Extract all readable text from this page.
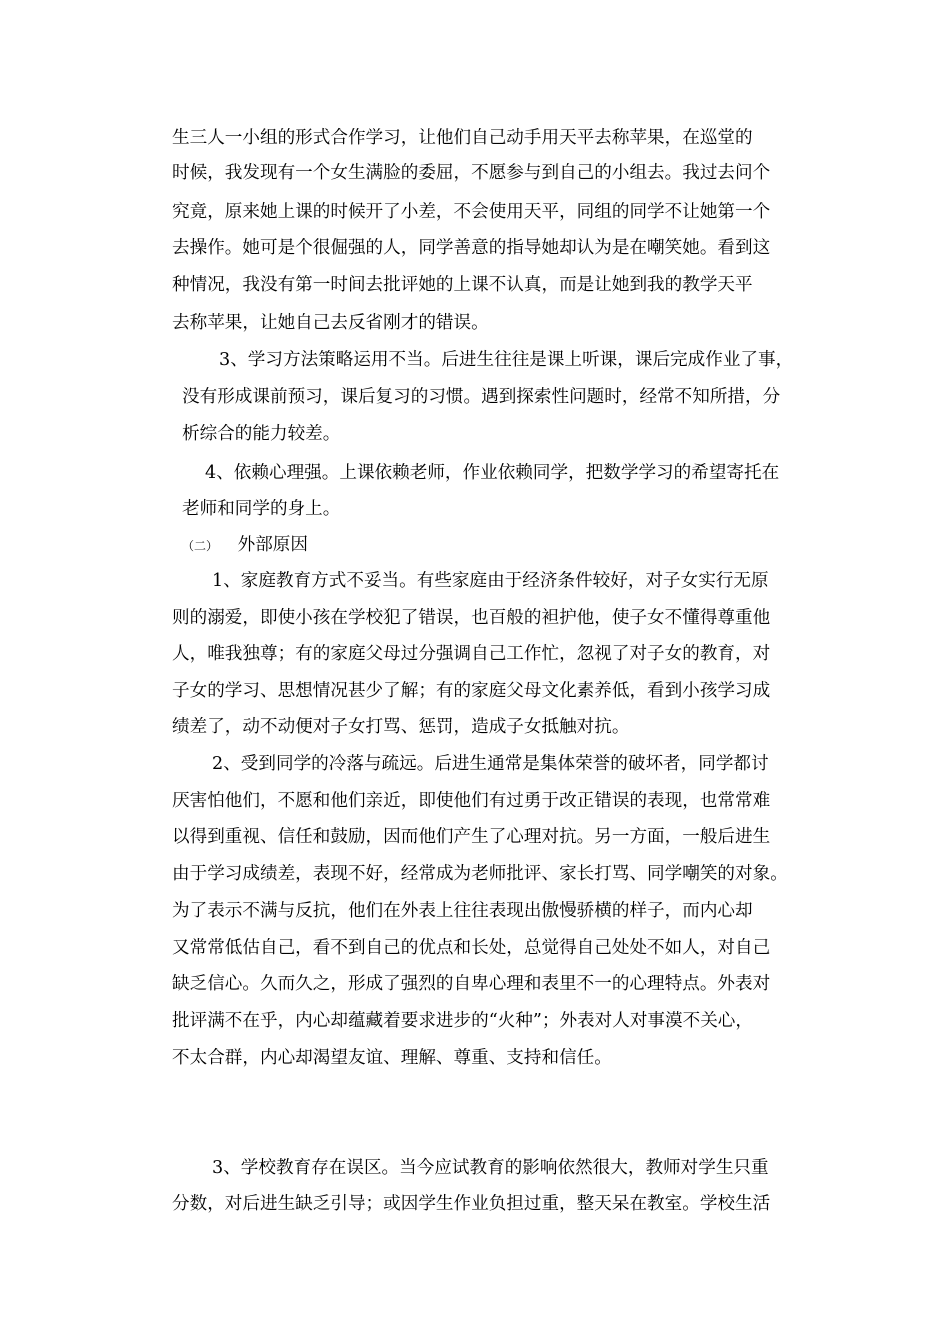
生三人一小组的形式合作学习，让他们自己动手用天平去称苹果，在巡堂的
时候，我发现有一个女生满脸的委屈，不愿参与到自己的小组去。我过去问个
究竟，原来她上课的时候开了小差，不会使用天平，同组的同学不让她第一个
去操作。她可是个很倔强的人，同学善意的指导她却认为是在嘲笑她。看到这
种情况，我没有第一时间去批评她的上课不认真，而是让她到我的教学天平
去称苹果，让她自己去反省刚才的错误。
3、学习方法策略运用不当。后进生往往是课上听课，课后完成作业了事，
没有形成课前预习，课后复习的习惯。遇到探索性问题时，经常不知所措，分
析综合的能力较差。
4、依赖心理强。上课依赖老师，作业依赖同学，把数学学习的希望寄托在
老师和同学的身上。
（二） 外部原因
1、家庭教育方式不妥当。有些家庭由于经济条件较好，对子女实行无原
则的溺爱，即使小孩在学校犯了错误，也百般的袒护他，使子女不懂得尊重他
人，唯我独尊；有的家庭父母过分强调自己工作忙，忽视了对子女的教育，对
子女的学习、思想情况甚少了解；有的家庭父母文化素养低，看到小孩学习成
绩差了，动不动便对子女打骂、惩罚，造成子女抵触对抗。
2、受到同学的冷落与疏远。后进生通常是集体荣誉的破坏者，同学都讨
厌害怕他们，不愿和他们亲近，即使他们有过勇于改正错误的表现，也常常难
以得到重视、信任和鼓励，因而他们产生了心理对抗。另一方面，一般后进生
由于学习成绩差，表现不好，经常成为老师批评、家长打骂、同学嘲笑的对象。
为了表示不满与反抗，他们在外表上往往表现出傲慢骄横的样子，而内心却
又常常低估自己，看不到自己的优点和长处，总觉得自己处处不如人，对自己
缺乏信心。久而久之，形成了强烈的自卑心理和表里不一的心理特点。外表对
批评满不在乎，内心却蕴藏着要求进步的“火种”；外表对人对事漠不关心，
不太合群，内心却渴望友谊、理解、尊重、支持和信任。
3、学校教育存在误区。当今应试教育的影响依然很大，教师对学生只重
分数，对后进生缺乏引导；或因学生作业负担过重，整天呆在教室。学校生活
